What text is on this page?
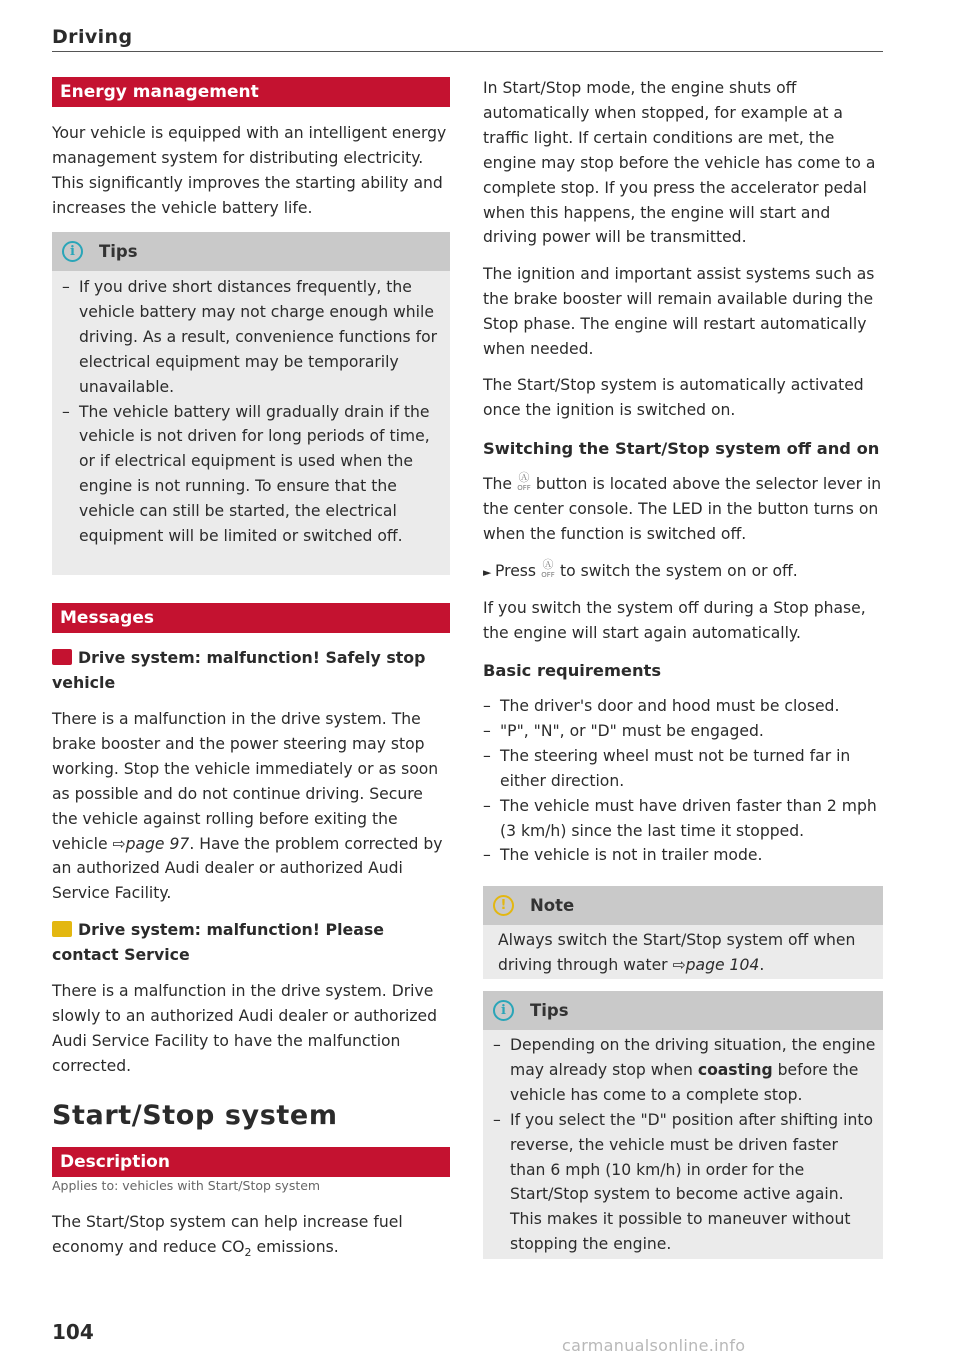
Driving
Energy management

Your vehicle is equipped with an intelligent energy management system for distributing electricity. This significantly improves the starting ability and increases the vehicle battery life.

i	Tips
– If you drive short distances frequently, the vehicle battery may not charge enough while driving. As a result, convenience functions for electrical equipment may be temporarily unavailable.
– The vehicle battery will gradually drain if the vehicle is not driven for long periods of time, or if electrical equipment is used when the engine is not running. To ensure that the vehicle can still be started, the electrical equipment will be limited or switched off.
Messages
Drive system: malfunction! Safely stop vehicle

There is a malfunction in the drive system. The brake booster and the power steering may stop working. Stop the vehicle immediately or as soon as possible and do not continue driving. Secure the vehicle against rolling before exiting the vehicle ⇨page 97. Have the problem corrected by an authorized Audi dealer or authorized Audi Service Facility.

Drive system: malfunction! Please contact Service

There is a malfunction in the drive system. Drive slowly to an authorized Audi dealer or authorized Audi Service Facility to have the malfunction corrected.

Start/Stop system
Description
Applies to: vehicles with Start/Stop system

The Start/Stop system can help increase fuel economy and reduce $CO_2$ emissions.

In Start/Stop mode, the engine shuts off automatically when stopped, for example at a traffic light. If certain conditions are met, the engine may stop before the vehicle has come to a complete stop. If you press the accelerator pedal when this happens, the engine will start and driving power will be transmitted.

The ignition and important assist systems such as the brake booster will remain available during the Stop phase. The engine will restart automatically when needed.

The Start/Stop system is automatically activated once the ignition is switched on.

Switching the Start/Stop system off and on

The Ⓐ
OFF button is located above the selector lever in the center console. The LED in the button turns on when the function is switched off.

► Press Ⓐ
OFF to switch the system on or off.

If you switch the system off during a Stop phase, the engine will start again automatically.

Basic requirements
– The driver's door and hood must be closed.
– "P", "N", or "D" must be engaged.
– The steering wheel must not be turned far in either direction.
– The vehicle must have driven faster than 2 mph (3 km/h) since the last time it stopped.
– The vehicle is not in trailer mode.
!	Note

Always switch the Start/Stop system off when driving through water ⇨page 104.

i	Tips
– Depending on the driving situation, the engine may already stop when coasting before the vehicle has come to a complete stop.
– If you select the "D" position after shifting into reverse, the vehicle must be driven faster than 6 mph (10 km/h) in order for the Start/Stop system to become active again. This makes it possible to maneuver without stopping the engine.
104
carmanualsonline.info
